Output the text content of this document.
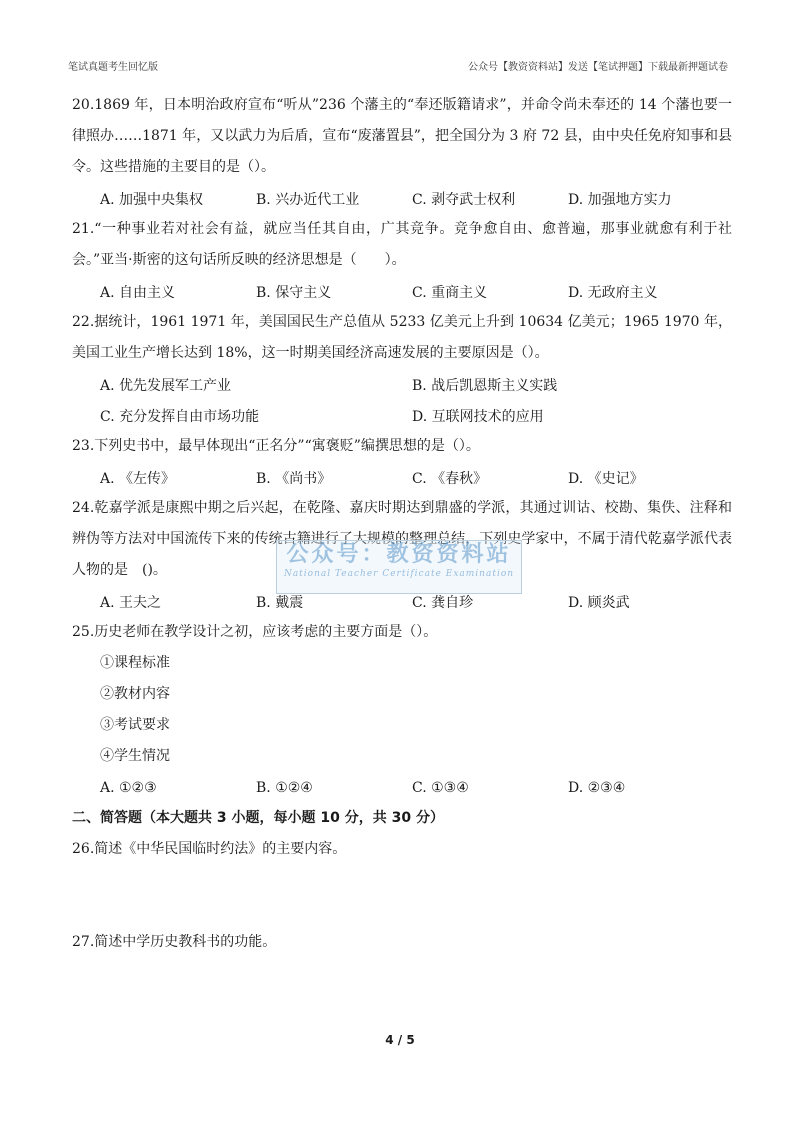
笔试真题考生回忆版	公众号【教资资料站】发送【笔试押题】下载最新押题试卷

20.1869 年，日本明治政府宣布“听从”236 个藩主的“奉还版籍请求”，并命令尚未奉还的 14 个藩也要一律照办……1871 年，又以武力为后盾，宣布“废藩置县”，把全国分为 3 府 72 县，由中央任免府知事和县令。这些措施的主要目的是（）。

A. 加强中央集权	B. 兴办近代工业	C. 剥夺武士权利	D. 加强地方实力

21.“一种事业若对社会有益，就应当任其自由，广其竞争。竞争愈自由、愈普遍，那事业就愈有利于社会。”亚当·斯密的这句话所反映的经济思想是（　　）。

A. 自由主义	B. 保守主义	C. 重商主义	D. 无政府主义

22.据统计，1961 1971 年，美国国民生产总值从 5233 亿美元上升到 10634 亿美元；1965 1970 年，美国工业生产增长达到 18%，这一时期美国经济高速发展的主要原因是（）。

A. 优先发展军工产业	B. 战后凯恩斯主义实践
C. 充分发挥自由市场功能	D. 互联网技术的应用

23.下列史书中，最早体现出“正名分”“寓褒贬”编撰思想的是（）。

A. 《左传》	B. 《尚书》	C. 《春秋》	D. 《史记》

24.乾嘉学派是康熙中期之后兴起，在乾隆、嘉庆时期达到鼎盛的学派，其通过训诂、校勘、集佚、注释和辨伪等方法对中国流传下来的传统古籍进行了大规模的整理总结，下列史学家中，不属于清代乾嘉学派代表人物的是　()。

A. 王夫之	B. 戴震	C. 龚自珍	D. 顾炎武

25.历史老师在教学设计之初，应该考虑的主要方面是（）。

①课程标准
②教材内容
③考试要求
④学生情况
A. ①②③	B. ①②④	C. ①③④	D. ②③④
二、简答题（本大题共 3 小题，每小题 10 分，共 30 分）

26.简述《中华民国临时约法》的主要内容。

27.简述中学历史教科书的功能。

公众号：教资资料站
National Teacher Certificate Examination
4 / 5
